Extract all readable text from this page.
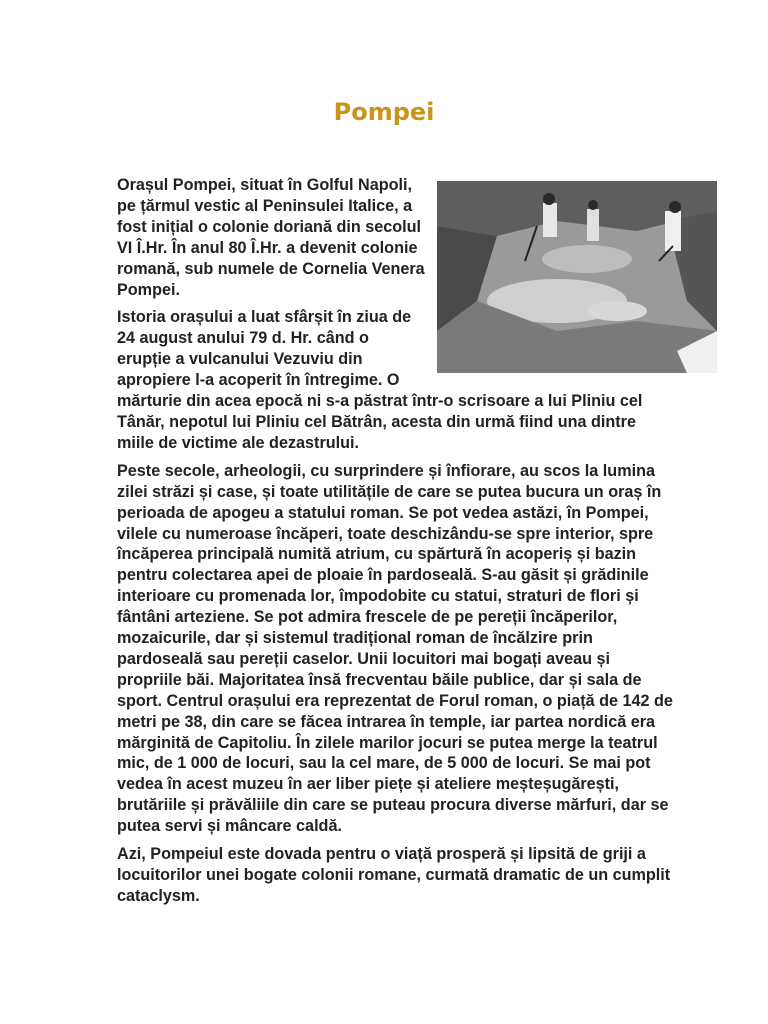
Pompei

Orașul Pompei, situat în Golful Napoli, pe țărmul vestic al Peninsulei Italice, a fost inițial o colonie doriană din secolul VI Î.Hr. În anul 80 Î.Hr. a devenit colonie romană, sub numele de Cornelia Venera Pompei.

Istoria orașului a luat sfârșit în ziua de 24 august anului 79 d. Hr. când o erupție a vulcanului Vezuviu din apropiere l-a acoperit în întregime. O mărturie din acea epocă ni s-a păstrat într-o scrisoare a lui Pliniu cel Tânăr, nepotul lui Pliniu cel Bătrân, acesta din urmă fiind una dintre miile de victime ale dezastrului.

Peste secole, arheologii, cu surprindere și înfiorare, au scos la lumina zilei străzi și case, și toate utilitățile de care se putea bucura un oraș în perioada de apogeu a statului roman. Se pot vedea astăzi, în Pompei, vilele cu numeroase încăperi, toate deschizându-se spre interior, spre încăperea principală numită atrium, cu spărtură în acoperiș și bazin pentru colectarea apei de ploaie în pardoseală. S-au găsit și grădinile interioare cu promenada lor, împodobite cu statui, straturi de flori și fântâni arteziene. Se pot admira frescele de pe pereții încăperilor, mozaicurile, dar și sistemul tradițional roman de încălzire prin pardoseală sau pereții caselor. Unii locuitori mai bogați aveau și propriile băi. Majoritatea însă frecventau băile publice, dar și sala de sport. Centrul orașului era reprezentat de Forul roman, o piață de 142 de metri pe 38, din care se făcea intrarea în temple, iar partea nordică era mărginită de Capitoliu. În zilele marilor jocuri se putea merge la teatrul mic, de 1 000 de locuri, sau la cel mare, de 5 000 de locuri. Se mai pot vedea în acest muzeu în aer liber piețe și ateliere meșteșugărești, brutăriile și prăvăliile din care se puteau procura diverse mărfuri, dar se putea servi și mâncare caldă.

Azi, Pompeiul este dovada pentru o viață prosperă și lipsită de griji a locuitorilor unei bogate colonii romane, curmată dramatic de un cumplit cataclysm.
